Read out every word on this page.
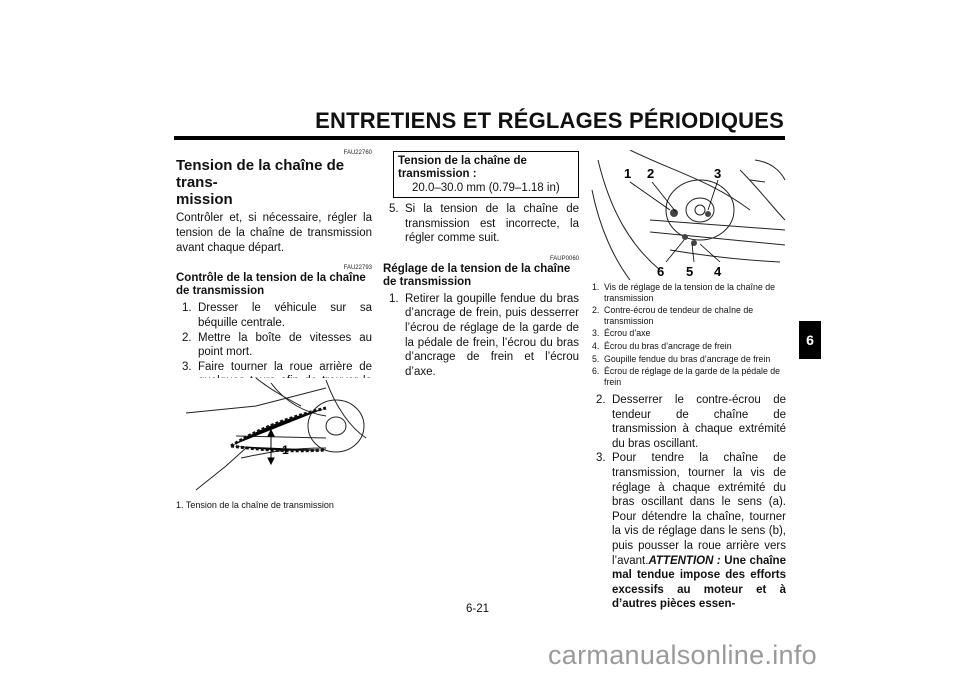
ENTRETIENS ET RÉGLAGES PÉRIODIQUES
6
FAU22760
Tension de la chaîne de trans-
mission
Contrôler et, si nécessaire, régler la tension de la chaîne de transmission avant chaque départ.
FAU22793
Contrôle de la tension de la chaîne de transmission
1. Dresser le véhicule sur sa béquille centrale.
2. Mettre la boîte de vitesses au point mort.
3. Faire tourner la roue arrière de quelques tours afin de trouver la partie la plus tendue de la chaîne.
4. Mesurer la tension comme illustré.
1
1. Tension de la chaîne de transmission
Tension de la chaîne de transmission :
20.0–30.0 mm (0.79–1.18 in)
5. Si la tension de la chaîne de transmission est incorrecte, la régler comme suit.
FAUP0060
Réglage de la tension de la chaîne de transmission
1. Retirer la goupille fendue du bras d’ancrage de frein, puis desserrer l’écrou de réglage de la garde de la pédale de frein, l’écrou du bras d’ancrage de frein et l’écrou d’axe.
1 2	3
6 5 4
1. Vis de réglage de la tension de la chaîne de transmission
2. Contre-écrou de tendeur de chaîne de transmission
3. Écrou d’axe
4. Écrou du bras d’ancrage de frein
5. Goupille fendue du bras d’ancrage de frein
6. Écrou de réglage de la garde de la pédale de frein
2. Desserrer le contre-écrou de tendeur de chaîne de transmission à chaque extrémité du bras oscillant.
3. Pour tendre la chaîne de transmission, tourner la vis de réglage à chaque extrémité du bras oscillant dans le sens (a). Pour détendre la chaîne, tourner la vis de réglage dans le sens (b), puis pousser la roue arrière vers l’avant.ATTENTION : Une chaîne mal tendue impose des efforts excessifs au moteur et à d’autres pièces essen-
6-21
carmanualsonline.info
